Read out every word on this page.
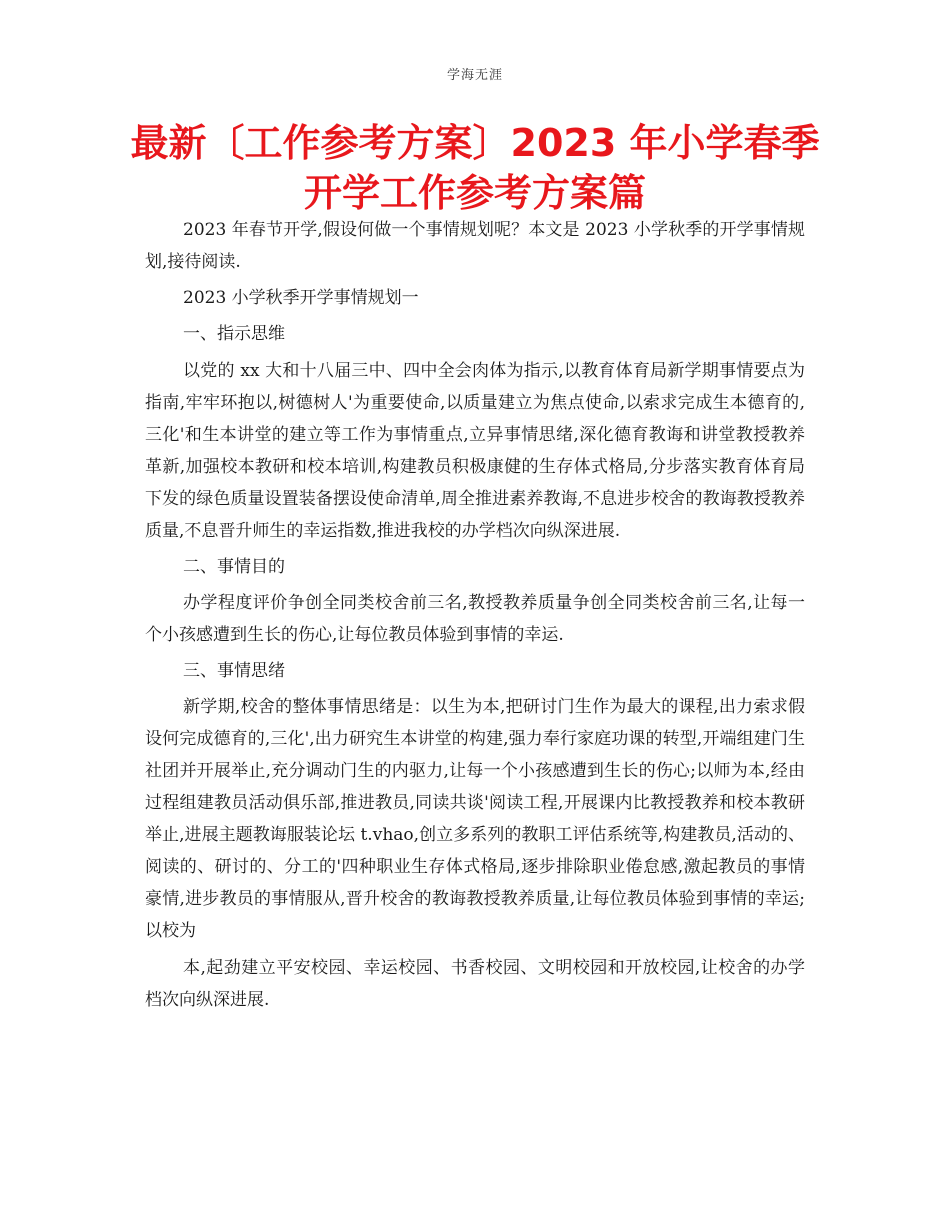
学海无涯
最新〔工作参考方案〕2023 年小学春季
开学工作参考方案篇

2023 年春节开学,假设何做一个事情规划呢？本文是 2023 小学秋季的开学事情规划,接待阅读.

2023 小学秋季开学事情规划一

一、指示思维

以党的 xx 大和十八届三中、四中全会肉体为指示,以教育体育局新学期事情要点为指南,牢牢环抱以,树德树人'为重要使命,以质量建立为焦点使命,以索求完成生本德育的,三化'和生本讲堂的建立等工作为事情重点,立异事情思绪,深化德育教诲和讲堂教授教养革新,加强校本教研和校本培训,构建教员积极康健的生存体式格局,分步落实教育体育局下发的绿色质量设置装备摆设使命清单,周全推进素养教诲,不息进步校舍的教诲教授教养质量,不息晋升师生的幸运指数,推进我校的办学档次向纵深进展.

二、事情目的

办学程度评价争创全同类校舍前三名,教授教养质量争创全同类校舍前三名,让每一个小孩感遭到生长的伤心,让每位教员体验到事情的幸运.

三、事情思绪

新学期,校舍的整体事情思绪是：以生为本,把研讨门生作为最大的课程,出力索求假设何完成德育的,三化',出力研究生本讲堂的构建,强力奉行家庭功课的转型,开端组建门生社团并开展举止,充分调动门生的内驱力,让每一个小孩感遭到生长的伤心;以师为本,经由过程组建教员活动俱乐部,推进教员,同读共谈'阅读工程,开展课内比教授教养和校本教研举止,进展主题教诲服装论坛 t.vhao,创立多系列的教职工评估系统等,构建教员,活动的、阅读的、研讨的、分工的'四种职业生存体式格局,逐步排除职业倦怠感,激起教员的事情豪情,进步教员的事情服从,晋升校舍的教诲教授教养质量,让每位教员体验到事情的幸运;以校为

本,起劲建立平安校园、幸运校园、书香校园、文明校园和开放校园,让校舍的办学档次向纵深进展.
